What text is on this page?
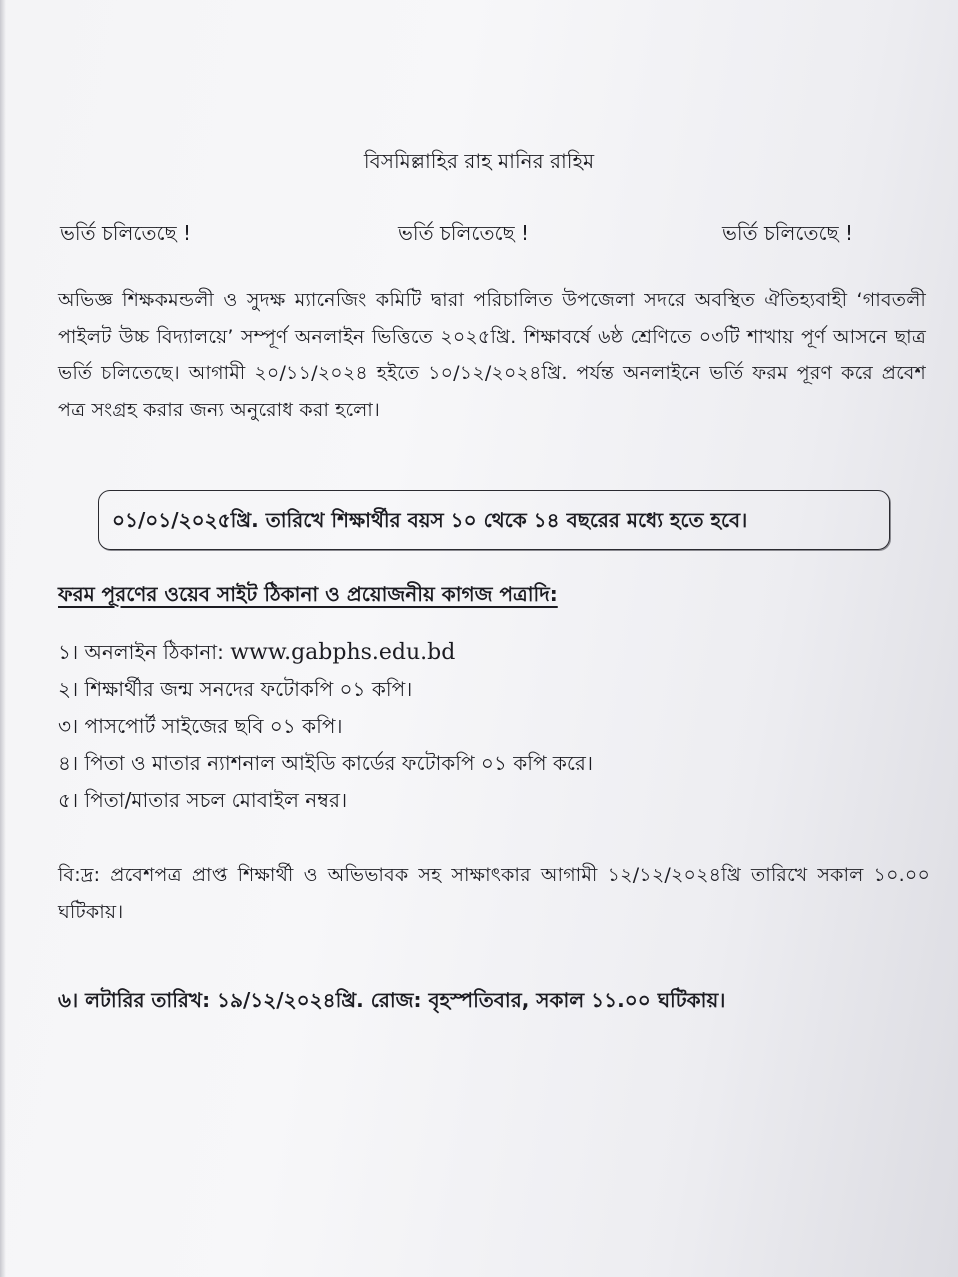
বিসমিল্লাহির রাহ মানির রাহিম
ভর্তি চলিতেছে !	ভর্তি চলিতেছে !	ভর্তি চলিতেছে !
অভিজ্ঞ শিক্ষকমন্ডলী ও সুদক্ষ ম্যানেজিং কমিটি দ্বারা পরিচালিত উপজেলা সদরে অবস্থিত ঐতিহ্যবাহী ‘গাবতলী পাইলট উচ্চ বিদ্যালয়ে’ সম্পূর্ণ অনলাইন ভিত্তিতে ২০২৫খ্রি. শিক্ষাবর্ষে ৬ষ্ঠ শ্রেণিতে ০৩টি শাখায় পূর্ণ আসনে ছাত্র ভর্তি চলিতেছে। আগামী ২০/১১/২০২৪ হইতে ১০/১২/২০২৪খ্রি. পর্যন্ত অনলাইনে ভর্তি ফরম পূরণ করে প্রবেশ পত্র সংগ্রহ করার জন্য অনুরোধ করা হলো।
০১/০১/২০২৫খ্রি. তারিখে শিক্ষার্থীর বয়স ১০ থেকে ১৪ বছরের মধ্যে হতে হবে।
ফরম পূরণের ওয়েব সাইট ঠিকানা ও প্রয়োজনীয় কাগজ পত্রাদি:
১। অনলাইন ঠিকানা: www.gabphs.edu.bd
২। শিক্ষার্থীর জন্ম সনদের ফটোকপি ০১ কপি।
৩। পাসপোর্ট সাইজের ছবি ০১ কপি।
৪। পিতা ও মাতার ন্যাশনাল আইডি কার্ডের ফটোকপি ০১ কপি করে।
৫। পিতা/মাতার সচল মোবাইল নম্বর।
বি:দ্র: প্রবেশপত্র প্রাপ্ত শিক্ষার্থী ও অভিভাবক সহ সাক্ষাৎকার আগামী ১২/১২/২০২৪খ্রি তারিখে সকাল ১০.০০ ঘটিকায়।
৬। লটারির তারিখ: ১৯/১২/২০২৪খ্রি. রোজ: বৃহস্পতিবার, সকাল ১১.০০ ঘটিকায়।
